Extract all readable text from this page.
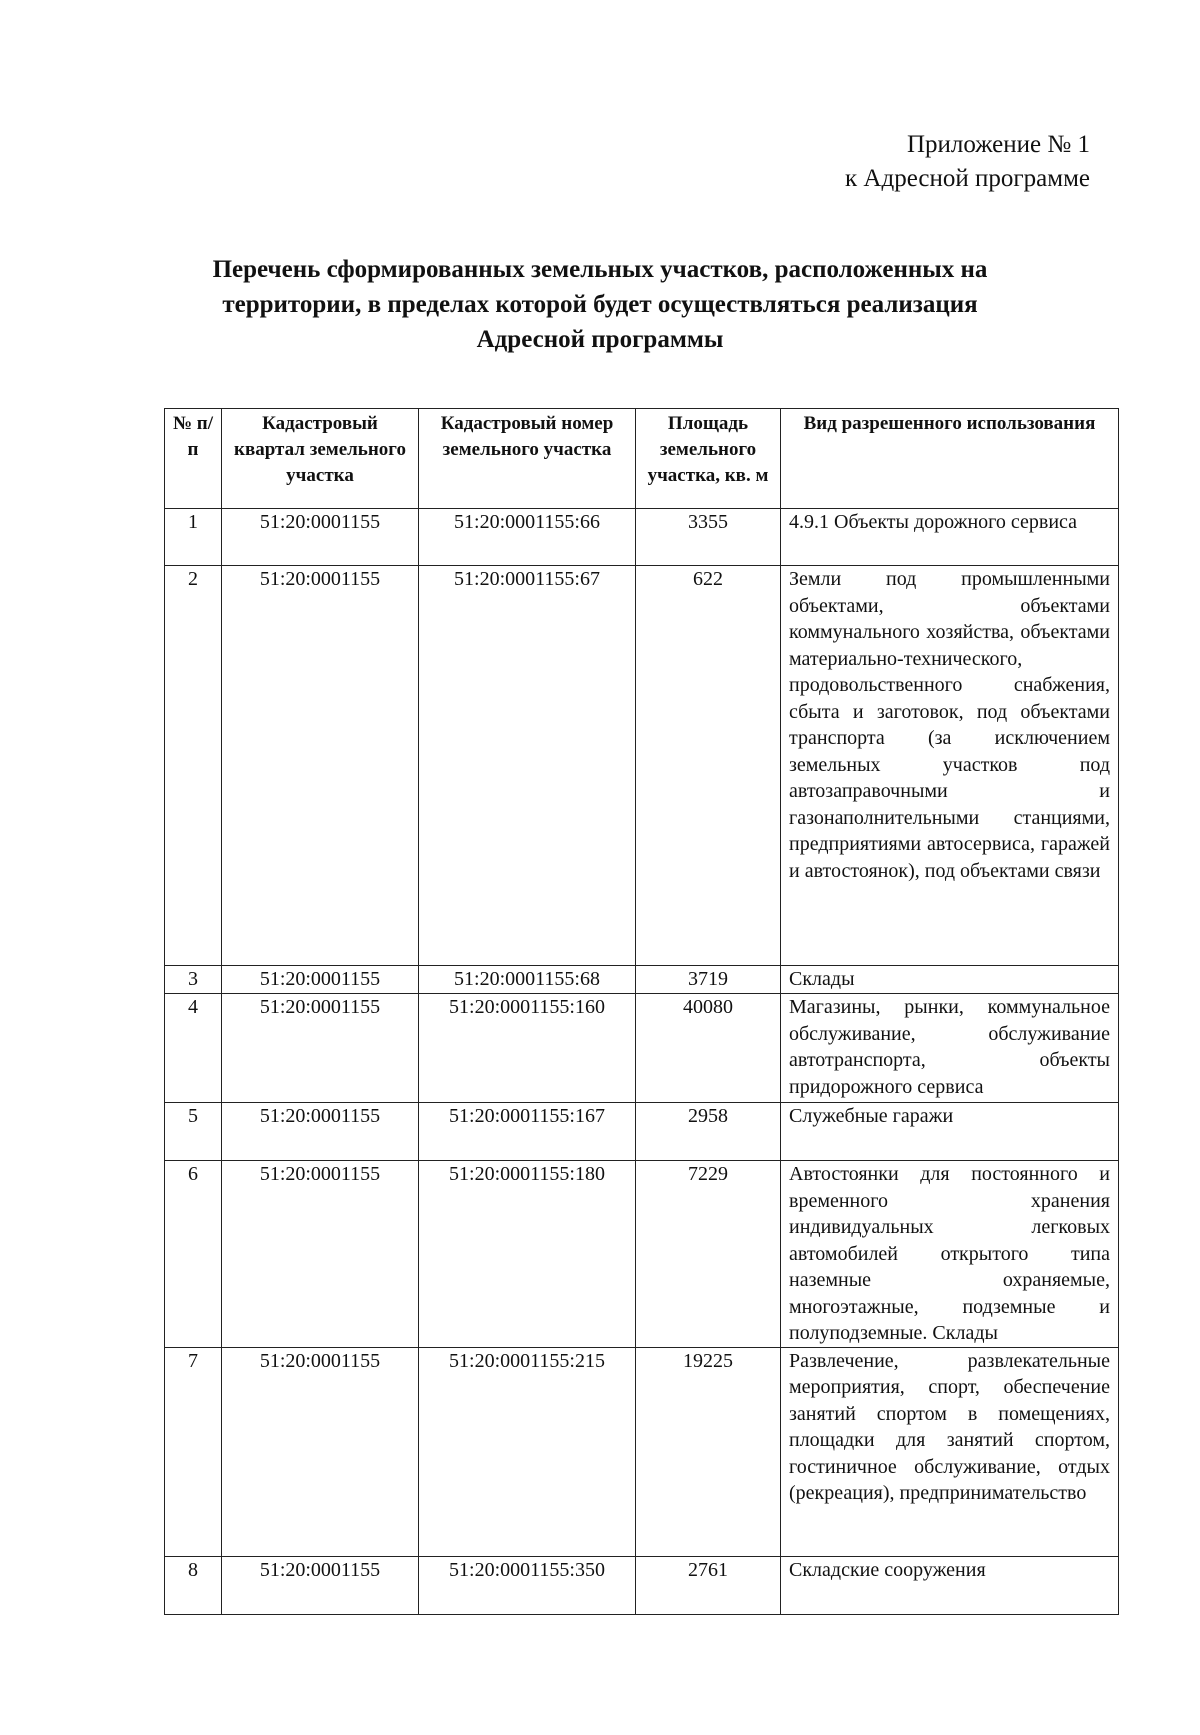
Приложение № 1
к Адресной программе
Перечень сформированных земельных участков, расположенных на
территории, в пределах которой будет осуществляться реализация
Адресной программы
№ п/п	Кадастровый квартал земельного участка	Кадастровый номер земельного участка	Площадь земельного участка, кв. м	Вид разрешенного использования
1	51:20:0001155	51:20:0001155:66	3355	4.9.1 Объекты дорожного сервиса
2	51:20:0001155	51:20:0001155:67	622	Земли под промышленными объектами, объектами коммунального хозяйства, объектами материально-технического, продовольственного снабжения, сбыта и заготовок, под объектами транспорта (за исключением земельных участков под автозаправочными и газонаполнительными станциями, предприятиями автосервиса, гаражей и автостоянок), под объектами связи
3	51:20:0001155	51:20:0001155:68	3719	Склады
4	51:20:0001155	51:20:0001155:160	40080	Магазины, рынки, коммунальное обслуживание, обслуживание автотранспорта, объекты придорожного сервиса
5	51:20:0001155	51:20:0001155:167	2958	Служебные гаражи
6	51:20:0001155	51:20:0001155:180	7229	Автостоянки для постоянного и временного хранения индивидуальных легковых автомобилей открытого типа наземные охраняемые, многоэтажные, подземные и полуподземные. Склады
7	51:20:0001155	51:20:0001155:215	19225	Развлечение, развлекательные мероприятия, спорт, обеспечение занятий спортом в помещениях, площадки для занятий спортом, гостиничное обслуживание, отдых (рекреация), предпринимательство
8	51:20:0001155	51:20:0001155:350	2761	Складские сооружения
